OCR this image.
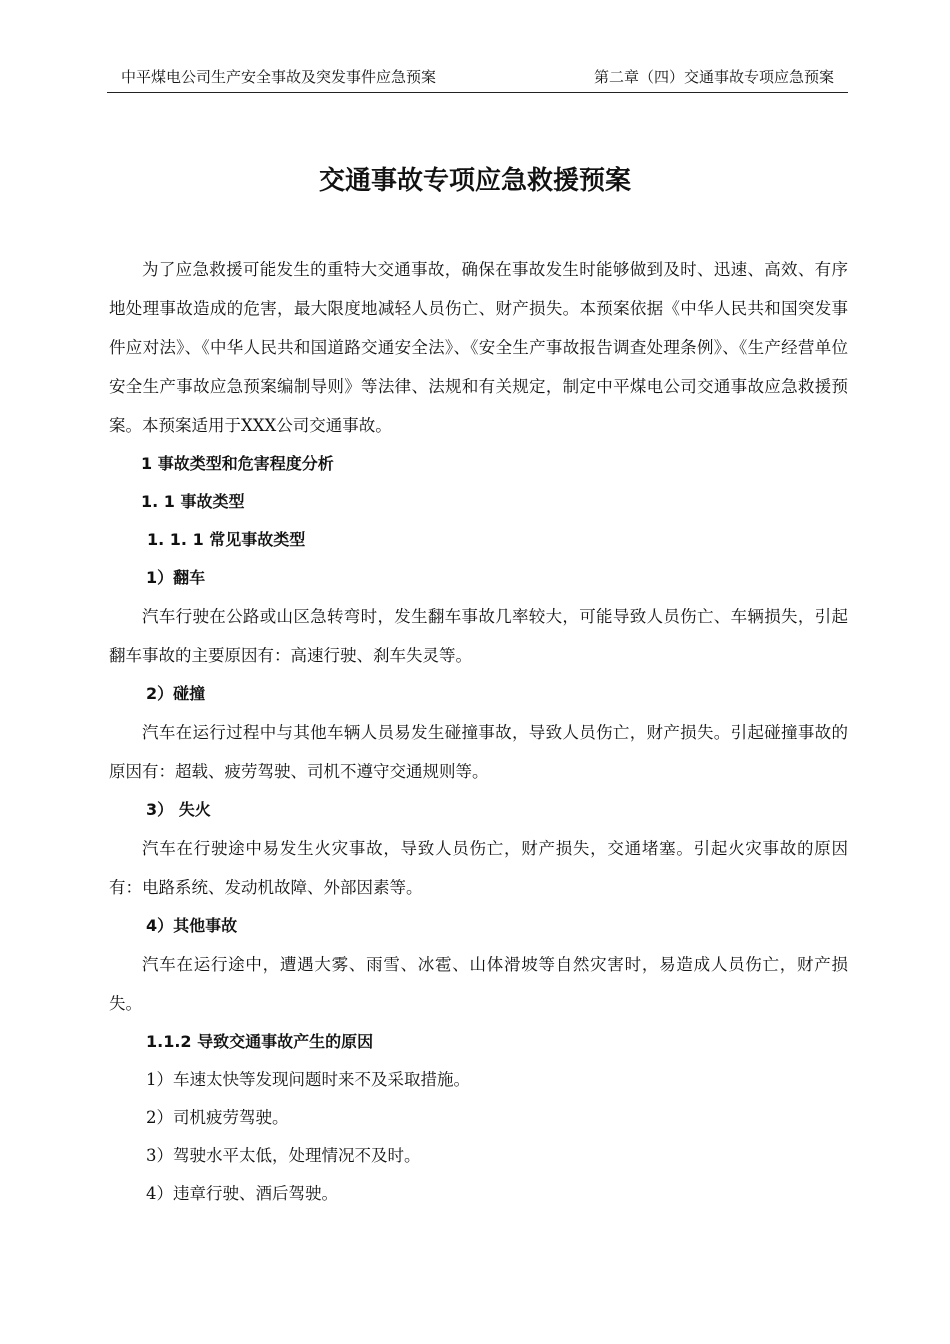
中平煤电公司生产安全事故及突发事件应急预案	第二章（四）交通事故专项应急预案
交通事故专项应急救援预案

为了应急救援可能发生的重特大交通事故，确保在事故发生时能够做到及时、迅速、高效、有序地处理事故造成的危害，最大限度地减轻人员伤亡、财产损失。本预案依据《中华人民共和国突发事件应对法》、《中华人民共和国道路交通安全法》、《安全生产事故报告调查处理条例》、《生产经营单位安全生产事故应急预案编制导则》等法律、法规和有关规定，制定中平煤电公司交通事故应急救援预案。本预案适用于XXX公司交通事故。

1 事故类型和危害程度分析

1. 1 事故类型

1. 1. 1 常见事故类型

1）翻车

汽车行驶在公路或山区急转弯时，发生翻车事故几率较大，可能导致人员伤亡、车辆损失，引起翻车事故的主要原因有：高速行驶、刹车失灵等。

2）碰撞

汽车在运行过程中与其他车辆人员易发生碰撞事故，导致人员伤亡，财产损失。引起碰撞事故的原因有：超载、疲劳驾驶、司机不遵守交通规则等。

3） 失火

汽车在行驶途中易发生火灾事故，导致人员伤亡，财产损失，交通堵塞。引起火灾事故的原因有：电路系统、发动机故障、外部因素等。

4）其他事故

汽车在运行途中，遭遇大雾、雨雪、冰雹、山体滑坡等自然灾害时，易造成人员伤亡，财产损失。

1.1.2 导致交通事故产生的原因

1）车速太快等发现问题时来不及采取措施。

2）司机疲劳驾驶。

3）驾驶水平太低，处理情况不及时。

4）违章行驶、酒后驾驶。
